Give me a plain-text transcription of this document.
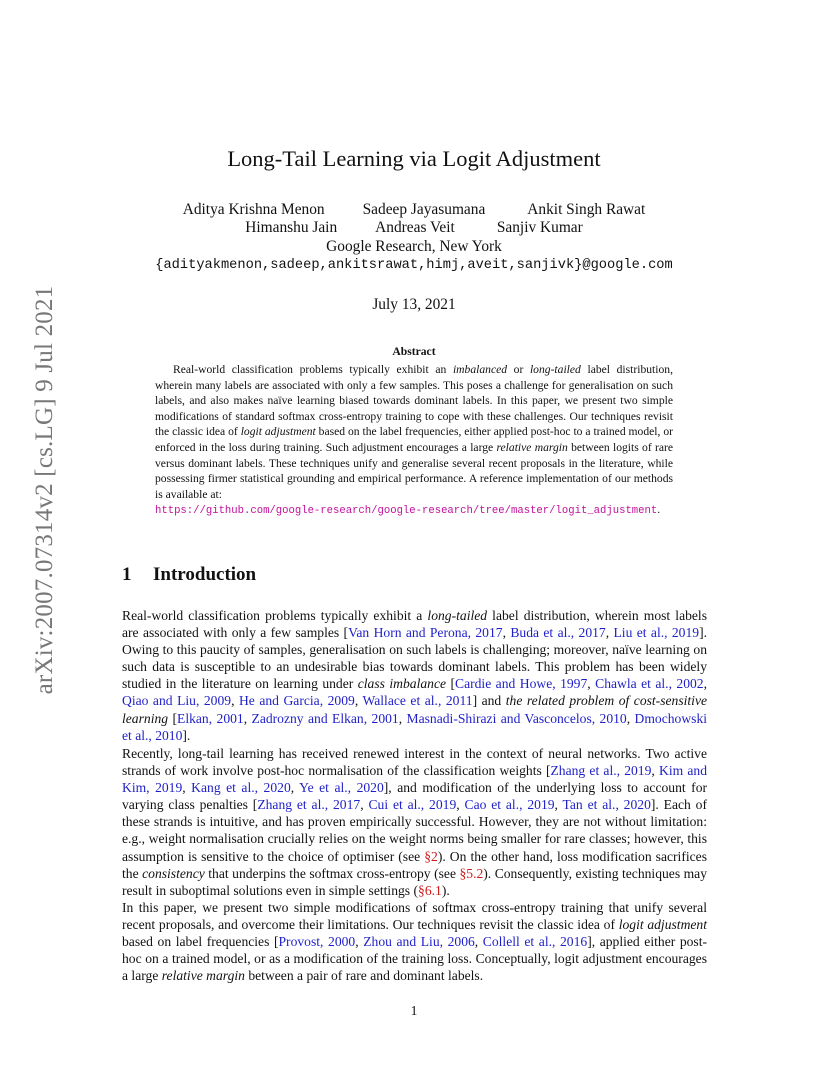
arXiv:2007.07314v2 [cs.LG] 9 Jul 2021
Long-Tail Learning via Logit Adjustment
Aditya Krishna Menon Sadeep Jayasumana	Ankit Singh Rawat
Himanshu Jain Andreas Veit	Sanjiv Kumar
Google Research, New York
{adityakmenon,sadeep,ankitsrawat,himj,aveit,sanjivk}@google.com
July 13, 2021
Abstract
Real-world classification problems typically exhibit an imbalanced or long-tailed label distribution, wherein many labels are associated with only a few samples. This poses a challenge for generalisation on such labels, and also makes naïve learning biased towards dominant labels. In this paper, we present two simple modifications of standard softmax cross-entropy training to cope with these challenges. Our techniques revisit the classic idea of logit adjustment based on the label frequencies, either applied post-hoc to a trained model, or enforced in the loss during training. Such adjustment encourages a large relative margin between logits of rare versus dominant labels. These techniques unify and generalise several recent proposals in the literature, while possessing firmer statistical grounding and empirical performance. A reference implementation of our methods is available at:
https://github.com/google-research/google-research/tree/master/logit_adjustment.
1 Introduction

Real-world classification problems typically exhibit a long-tailed label distribution, wherein most labels are associated with only a few samples [Van Horn and Perona, 2017, Buda et al., 2017, Liu et al., 2019]. Owing to this paucity of samples, generalisation on such labels is challenging; moreover, naïve learning on such data is susceptible to an undesirable bias towards dominant labels. This problem has been widely studied in the literature on learning under class imbalance [Cardie and Howe, 1997, Chawla et al., 2002, Qiao and Liu, 2009, He and Garcia, 2009, Wallace et al., 2011] and the related problem of cost-sensitive learning [Elkan, 2001, Zadrozny and Elkan, 2001, Masnadi-Shirazi and Vasconcelos, 2010, Dmochowski et al., 2010].

Recently, long-tail learning has received renewed interest in the context of neural networks. Two active strands of work involve post-hoc normalisation of the classification weights [Zhang et al., 2019, Kim and Kim, 2019, Kang et al., 2020, Ye et al., 2020], and modification of the underlying loss to account for varying class penalties [Zhang et al., 2017, Cui et al., 2019, Cao et al., 2019, Tan et al., 2020]. Each of these strands is intuitive, and has proven empirically successful. However, they are not without limitation: e.g., weight normalisation crucially relies on the weight norms being smaller for rare classes; however, this assumption is sensitive to the choice of optimiser (see §2). On the other hand, loss modification sacrifices the consistency that underpins the softmax cross-entropy (see §5.2). Consequently, existing techniques may result in suboptimal solutions even in simple settings (§6.1).

In this paper, we present two simple modifications of softmax cross-entropy training that unify several recent proposals, and overcome their limitations. Our techniques revisit the classic idea of logit adjustment based on label frequencies [Provost, 2000, Zhou and Liu, 2006, Collell et al., 2016], applied either post-hoc on a trained model, or as a modification of the training loss. Conceptually, logit adjustment encourages a large relative margin between a pair of rare and dominant labels.

1
